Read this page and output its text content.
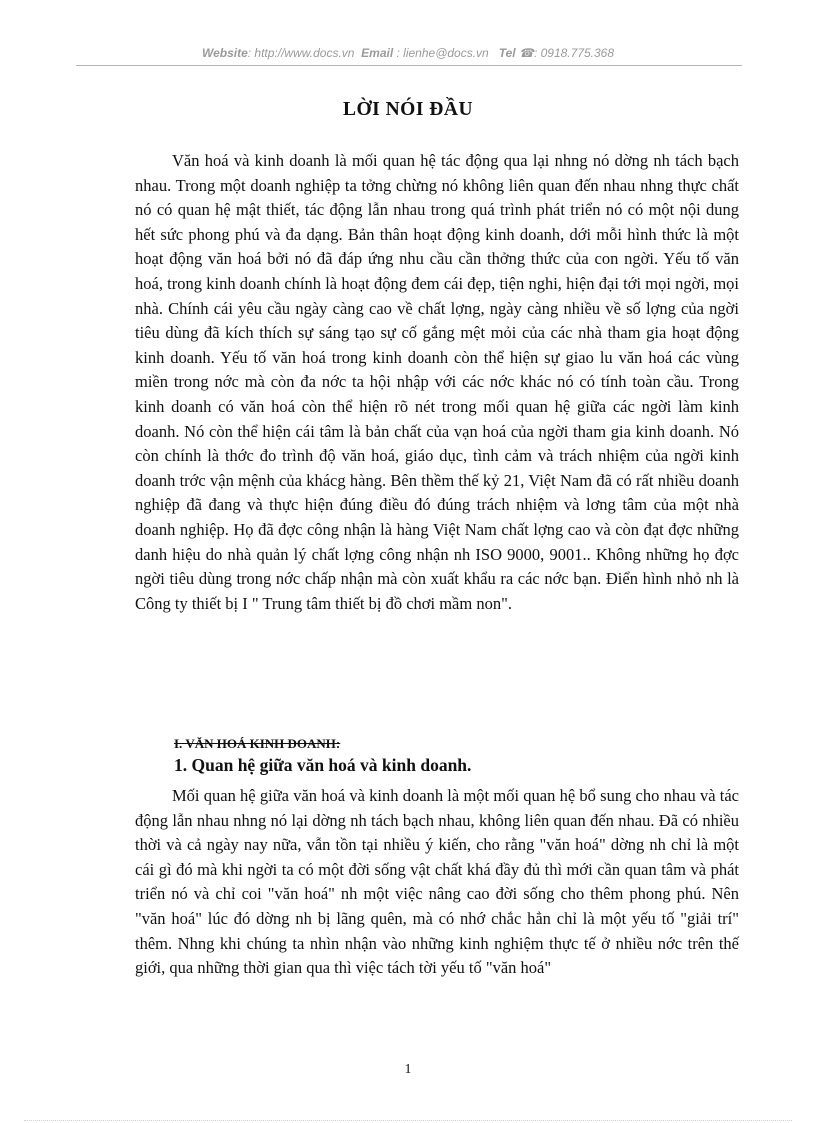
Website: http://www.docs.vn Email : lienhe@docs.vn Tel ☎: 0918.775.368
LỜI NÓI ĐẦU
Văn hoá và kinh doanh là mối quan hệ tác động qua lại nhng nó dờng nh tách bạch nhau. Trong một doanh nghiệp ta tởng chừng nó không liên quan đến nhau nhng thực chất nó có quan hệ mật thiết, tác động lẫn nhau trong quá trình phát triển nó có một nội dung hết sức phong phú và đa dạng. Bản thân hoạt động kinh doanh, dới mỗi hình thức là một hoạt động văn hoá bởi nó đã đáp ứng nhu cầu cần thởng thức của con ngời. Yếu tố văn hoá, trong kinh doanh chính là hoạt động đem cái đẹp, tiện nghi, hiện đại tới mọi ngời, mọi nhà. Chính cái yêu cầu ngày càng cao về chất lợng, ngày càng nhiều về số lợng của ngời tiêu dùng đã kích thích sự sáng tạo sự cố gắng mệt mỏi của các nhà tham gia hoạt động kinh doanh. Yếu tố văn hoá trong kinh doanh còn thể hiện sự giao lu văn hoá các vùng miền trong nớc mà còn đa nớc ta hội nhập với các nớc khác nó có tính toàn cầu. Trong kinh doanh có văn hoá còn thể hiện rõ nét trong mối quan hệ giữa các ngời làm kinh doanh. Nó còn thể hiện cái tâm là bản chất của vạn hoá của ngời tham gia kinh doanh. Nó còn chính là thớc đo trình độ văn hoá, giáo dục, tình cảm và trách nhiệm của ngời kinh doanh trớc vận mệnh của khácg hàng. Bên thềm thế kỷ 21, Việt Nam đã có rất nhiều doanh nghiệp đã đang và thực hiện đúng điều đó đúng trách nhiệm và lơng tâm của một nhà doanh nghiệp. Họ đã đợc công nhận là hàng Việt Nam chất lợng cao và còn đạt đợc những danh hiệu do nhà quản lý chất lợng công nhận nh ISO 9000, 9001.. Không những họ đợc ngời tiêu dùng trong nớc chấp nhận mà còn xuất khẩu ra các nớc bạn. Điển hình nhỏ nh là Công ty thiết bị I " Trung tâm thiết bị đồ chơi mầm non".
I. VĂN HOÁ KINH DOANH:
1. Quan hệ giữa văn hoá và kinh doanh.
Mối quan hệ giữa văn hoá và kinh doanh là một mối quan hệ bổ sung cho nhau và tác động lẫn nhau nhng nó lại dờng nh tách bạch nhau, không liên quan đến nhau. Đã có nhiều thời và cả ngày nay nữa, vẫn tồn tại nhiều ý kiến, cho rằng "văn hoá" dờng nh chỉ là một cái gì đó mà khi ngời ta có một đời sống vật chất khá đầy đủ thì mới cần quan tâm và phát triển nó và chỉ coi "văn hoá" nh một việc nâng cao đời sống cho thêm phong phú. Nên "văn hoá" lúc đó dờng nh bị lãng quên, mà có nhớ chắc hẳn chỉ là một yếu tố "giải trí" thêm. Nhng khi chúng ta nhìn nhận vào những kinh nghiệm thực tế ở nhiều nớc trên thế giới, qua những thời gian qua thì việc tách tời yếu tố "văn hoá"
1
